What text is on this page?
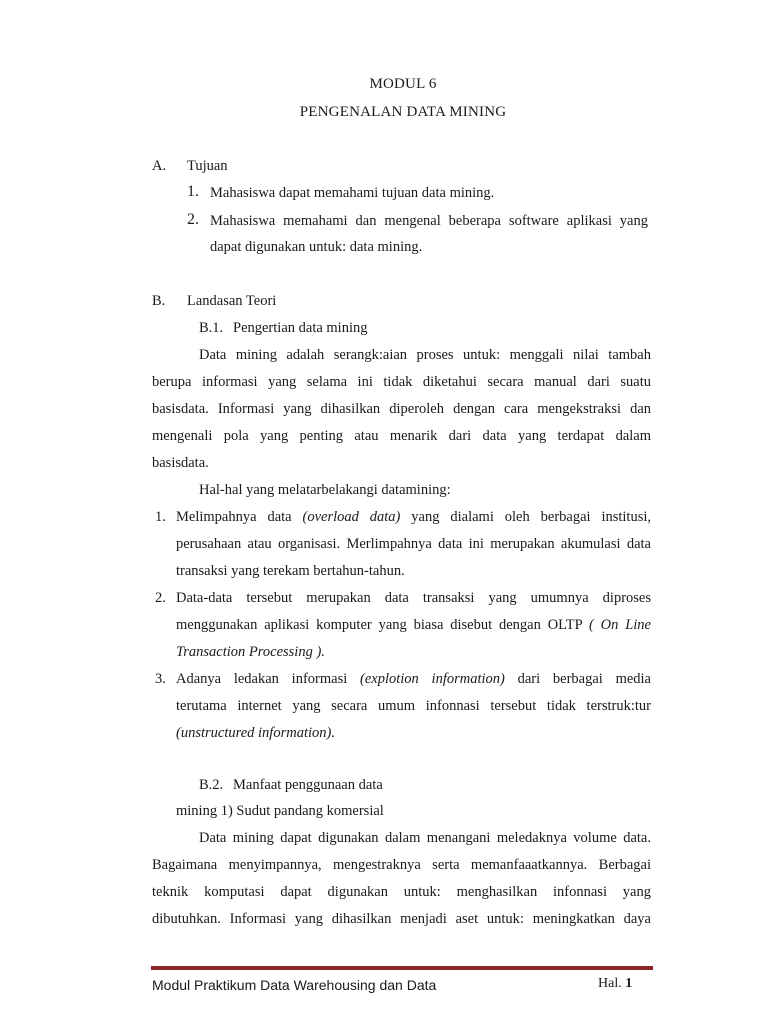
MODUL 6
PENGENALAN DATA MINING
A. Tujuan
1. Mahasiswa dapat memahami tujuan data mining.
2. Mahasiswa memahami dan mengenal beberapa software aplikasi yang
dapat digunakan untuk: data mining.
B. Landasan Teori
B.1. Pengertian data mining
Data mining adalah serangk:aian proses untuk: menggali nilai tambah
berupa informasi yang selama ini tidak diketahui secara manual dari suatu
basisdata. Informasi yang dihasilkan diperoleh dengan cara mengekstraksi dan
mengenali pola yang penting atau menarik dari data yang terdapat dalam
basisdata.
Hal-hal yang melatarbelakangi datamining:
1. Melimpahnya data (overload data) yang dialami oleh berbagai institusi,
perusahaan atau organisasi. Merlimpahnya data ini merupakan akumulasi data
transaksi yang terekam bertahun-tahun.
2. Data-data tersebut merupakan data transaksi yang umumnya diproses
menggunakan aplikasi komputer yang biasa disebut dengan OLTP ( On Line
Transaction Processing ).
3. Adanya ledakan informasi (explotion information) dari berbagai media
terutama internet yang secara umum infonnasi tersebut tidak terstruk:tur
(unstructured information).
B.2. Manfaat penggunaan data
mining 1) Sudut pandang komersial
Data mining dapat digunakan dalam menangani meledaknya volume data.
Bagaimana menyimpannya, mengestraknya serta memanfaaatkannya. Berbagai
teknik komputasi dapat digunakan untuk: menghasilkan infonnasi yang
dibutuhkan. Informasi yang dihasilkan menjadi aset untuk: meningkatkan daya
Modul Praktikum Data Warehousing dan Data	Hal. 1
